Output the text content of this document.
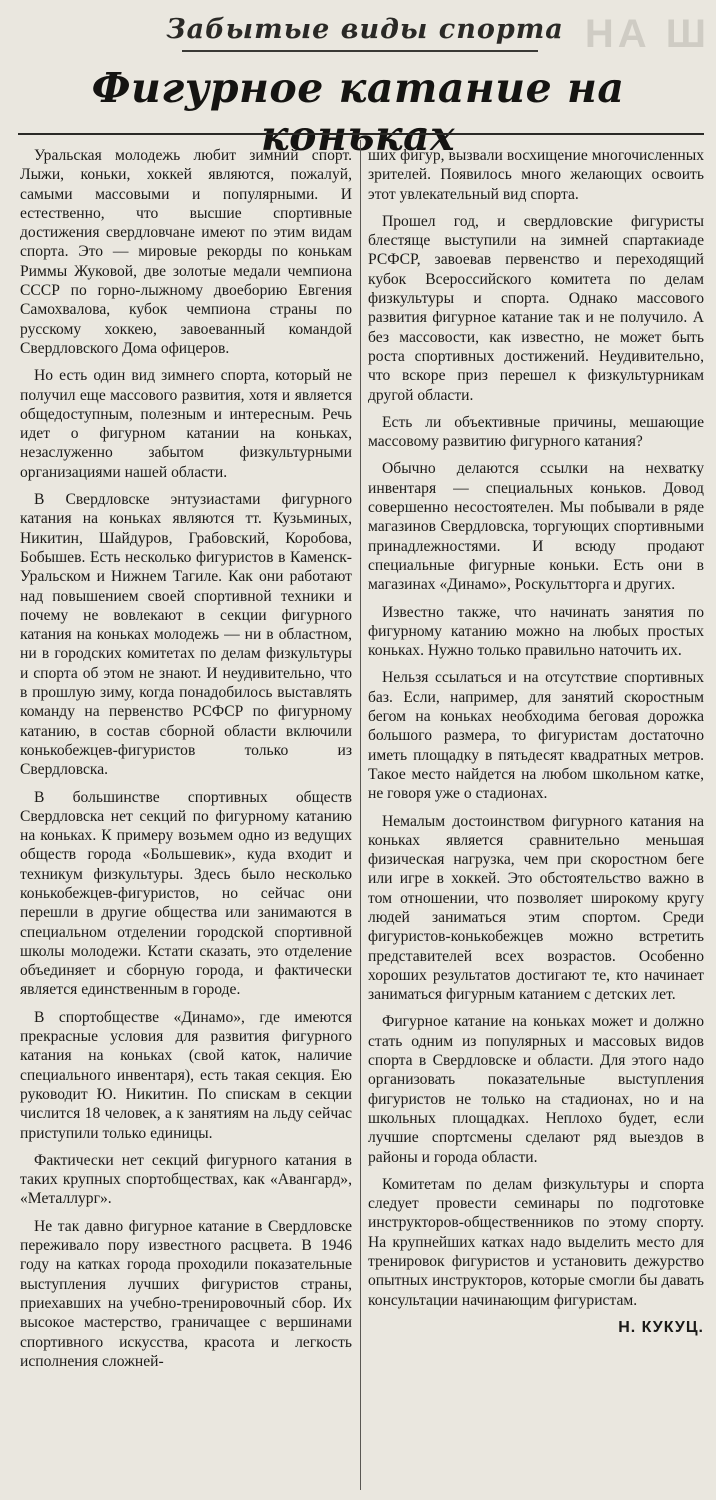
НА Ш
Забытые виды спорта
Фигурное катание на коньках

Уральская молодежь любит зимний спорт. Лыжи, коньки, хоккей являются, пожалуй, самыми массовыми и популярными. И естественно, что высшие спортивные достижения свердловчане имеют по этим видам спорта. Это — мировые рекорды по конькам Риммы Жуковой, две золотые медали чемпиона СССР по горно-лыжному двоеборию Евгения Самохвалова, кубок чемпиона страны по русскому хоккею, завоеванный командой Свердловского Дома офицеров.

Но есть один вид зимнего спорта, который не получил еще массового развития, хотя и является общедоступным, полезным и интересным. Речь идет о фигурном катании на коньках, незаслуженно забытом физкультурными организациями нашей области.

В Свердловске энтузиастами фигурного катания на коньках являются тт. Кузьминых, Никитин, Шайдуров, Грабовский, Коробова, Бобышев. Есть несколько фигуристов в Каменск-Уральском и Нижнем Тагиле. Как они работают над повышением своей спортивной техники и почему не вовлекают в секции фигурного катания на коньках молодежь — ни в областном, ни в городских комитетах по делам физкультуры и спорта об этом не знают. И неудивительно, что в прошлую зиму, когда понадобилось выставлять команду на первенство РСФСР по фигурному катанию, в состав сборной области включили конькобежцев-фигуристов только из Свердловска.

В большинстве спортивных обществ Свердловска нет секций по фигурному катанию на коньках. К примеру возьмем одно из ведущих обществ города «Большевик», куда входит и техникум физкультуры. Здесь было несколько конькобежцев-фигуристов, но сейчас они перешли в другие общества или занимаются в специальном отделении городской спортивной школы молодежи. Кстати сказать, это отделение объединяет и сборную города, и фактически является единственным в городе.

В спортобществе «Динамо», где имеются прекрасные условия для развития фигурного катания на коньках (свой каток, наличие специального инвентаря), есть такая секция. Ею руководит Ю. Никитин. По спискам в секции числится 18 человек, а к занятиям на льду сейчас приступили только единицы.

Фактически нет секций фигурного катания в таких крупных спортобществах, как «Авангард», «Металлург».

Не так давно фигурное катание в Свердловске переживало пору известного расцвета. В 1946 году на катках города проходили показательные выступления лучших фигуристов страны, приехавших на учебно-тренировочный сбор. Их высокое мастерство, граничащее с вершинами спортивного искусства, красота и легкость исполнения сложней-

ших фигур, вызвали восхищение многочисленных зрителей. Появилось много желающих освоить этот увлекательный вид спорта.

Прошел год, и свердловские фигуристы блестяще выступили на зимней спартакиаде РСФСР, завоевав первенство и переходящий кубок Всероссийского комитета по делам физкультуры и спорта. Однако массового развития фигурное катание так и не получило. А без массовости, как известно, не может быть роста спортивных достижений. Неудивительно, что вскоре приз перешел к физкультурникам другой области.

Есть ли объективные причины, мешающие массовому развитию фигурного катания?

Обычно делаются ссылки на нехватку инвентаря — специальных коньков. Довод совершенно несостоятелен. Мы побывали в ряде магазинов Свердловска, торгующих спортивными принадлежностями. И всюду продают специальные фигурные коньки. Есть они в магазинах «Динамо», Роскультторга и других.

Известно также, что начинать занятия по фигурному катанию можно на любых простых коньках. Нужно только правильно наточить их.

Нельзя ссылаться и на отсутствие спортивных баз. Если, например, для занятий скоростным бегом на коньках необходима беговая дорожка большого размера, то фигуристам достаточно иметь площадку в пятьдесят квадратных метров. Такое место найдется на любом школьном катке, не говоря уже о стадионах.

Немалым достоинством фигурного катания на коньках является сравнительно меньшая физическая нагрузка, чем при скоростном беге или игре в хоккей. Это обстоятельство важно в том отношении, что позволяет широкому кругу людей заниматься этим спортом. Среди фигуристов-конькобежцев можно встретить представителей всех возрастов. Особенно хороших результатов достигают те, кто начинает заниматься фигурным катанием с детских лет.

Фигурное катание на коньках может и должно стать одним из популярных и массовых видов спорта в Свердловске и области. Для этого надо организовать показательные выступления фигуристов не только на стадионах, но и на школьных площадках. Неплохо будет, если лучшие спортсмены сделают ряд выездов в районы и города области.

Комитетам по делам физкультуры и спорта следует провести семинары по подготовке инструкторов-общественников по этому спорту. На крупнейших катках надо выделить место для тренировок фигуристов и установить дежурство опытных инструкторов, которые смогли бы давать консультации начинающим фигуристам.

Н. КУКУЦ.
